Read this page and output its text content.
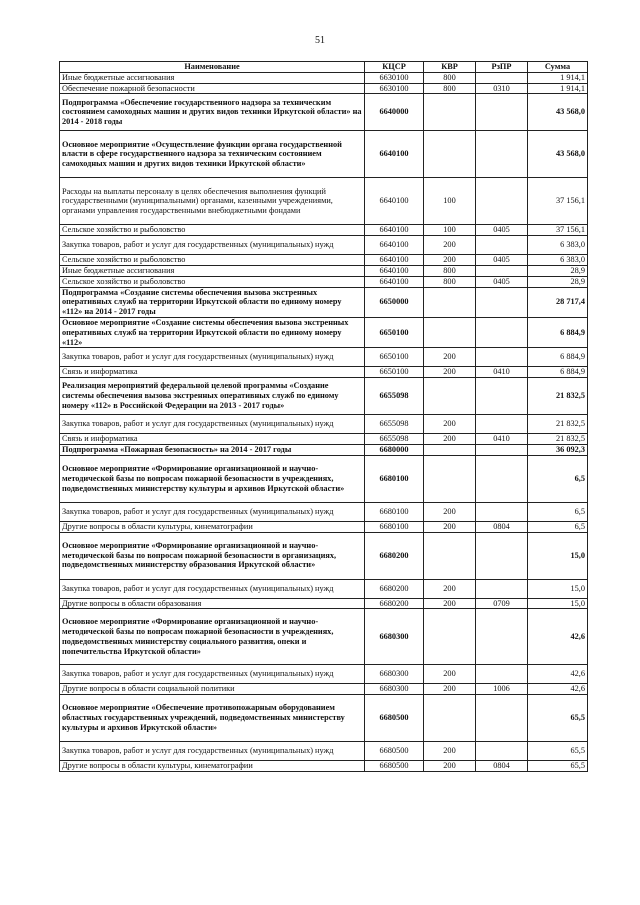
51
Наименование	КЦСР	КВР	РзПР	Сумма
Иные бюджетные ассигнования	6630100	800		1 914,1
Обеспечение пожарной безопасности	6630100	800	0310	1 914,1
Подпрограмма «Обеспечение государственного надзора за техническим состоянием самоходных машин и других видов техники Иркутской области» на 2014 - 2018 годы	6640000			43 568,0
Основное мероприятие «Осуществление функции органа государственной власти в сфере государственного надзора за техническим состоянием самоходных машин и других видов техники Иркутской области»	6640100			43 568,0
Расходы на выплаты персоналу в целях обеспечения выполнения функций государственными (муниципальными) органами, казенными учреждениями, органами управления государственными внебюджетными фондами	6640100	100		37 156,1
Сельское хозяйство и рыболовство	6640100	100	0405	37 156,1
Закупка товаров, работ и услуг для государственных (муниципальных) нужд	6640100	200		6 383,0
Сельское хозяйство и рыболовство	6640100	200	0405	6 383,0
Иные бюджетные ассигнования	6640100	800		28,9
Сельское хозяйство и рыболовство	6640100	800	0405	28,9
Подпрограмма «Создание системы обеспечения вызова экстренных оперативных служб на территории Иркутской области по единому номеру «112» на 2014 - 2017 годы	6650000			28 717,4
Основное мероприятие «Создание системы обеспечения вызова экстренных оперативных служб на территории Иркутской области по единому номеру «112»	6650100			6 884,9
Закупка товаров, работ и услуг для государственных (муниципальных) нужд	6650100	200		6 884,9
Связь и информатика	6650100	200	0410	6 884,9
Реализация мероприятий федеральной целевой программы «Создание системы обеспечения вызова экстренных оперативных служб по единому номеру «112» в Российской Федерации на 2013 - 2017 годы»	6655098			21 832,5
Закупка товаров, работ и услуг для государственных (муниципальных) нужд	6655098	200		21 832,5
Связь и информатика	6655098	200	0410	21 832,5
Подпрограмма «Пожарная безопасность» на 2014 - 2017 годы	6680000			36 092,3
Основное мероприятие «Формирование организационной и научно-методической базы по вопросам пожарной безопасности в учреждениях, подведомственных министерству культуры и архивов Иркутской области»	6680100			6,5
Закупка товаров, работ и услуг для государственных (муниципальных) нужд	6680100	200		6,5
Другие вопросы в области культуры, кинематографии	6680100	200	0804	6,5
Основное мероприятие «Формирование организационной и научно-методической базы по вопросам пожарной безопасности в организациях, подведомственных министерству образования Иркутской области»	6680200			15,0
Закупка товаров, работ и услуг для государственных (муниципальных) нужд	6680200	200		15,0
Другие вопросы в области образования	6680200	200	0709	15,0
Основное мероприятие «Формирование организационной и научно-методической базы по вопросам пожарной безопасности в учреждениях, подведомственных министерству социального развития, опеки и попечительства Иркутской области»	6680300			42,6
Закупка товаров, работ и услуг для государственных (муниципальных) нужд	6680300	200		42,6
Другие вопросы в области социальной политики	6680300	200	1006	42,6
Основное мероприятие «Обеспечение противопожарным оборудованием областных государственных учреждений, подведомственных министерству культуры и архивов Иркутской области»	6680500			65,5
Закупка товаров, работ и услуг для государственных (муниципальных) нужд	6680500	200		65,5
Другие вопросы в области культуры, кинематографии	6680500	200	0804	65,5
